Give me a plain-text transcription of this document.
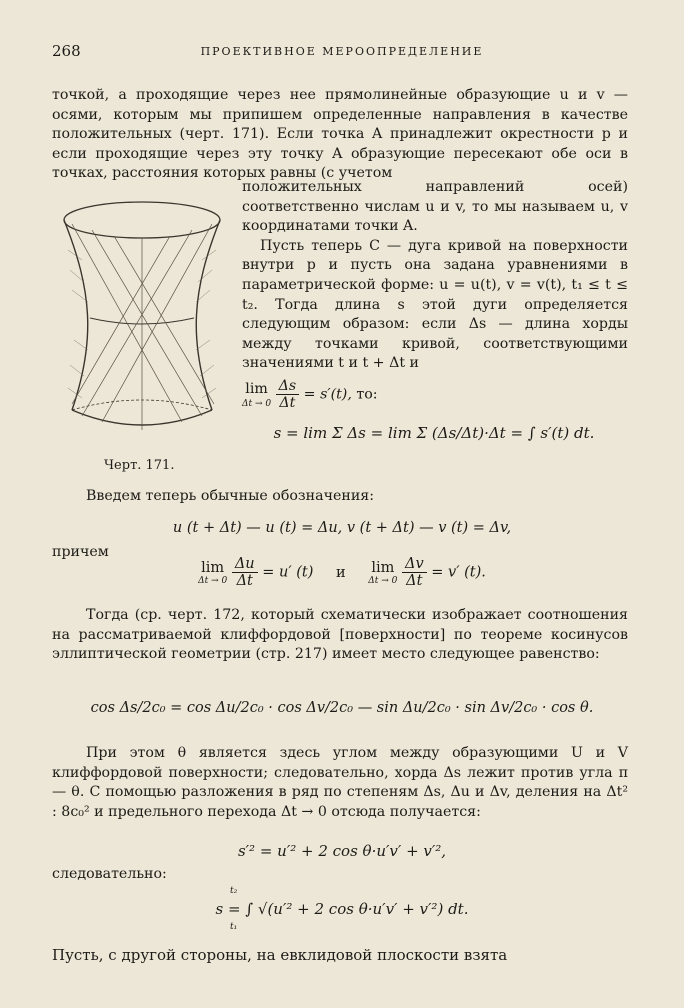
268	ПРОЕКТИВНОЕ МЕРООПРЕДЕЛЕНИЕ
точкой, а проходящие через нее прямолинейные образующие u и v — осями, которым мы припишем определенные направления в качестве положительных (черт. 171). Если точка A принадлежит окрестности p и если проходящие через эту точку A образующие пересекают обе оси в точках, расстояния которых равны (с учетом
Черт. 171.
положительных направлений осей) соответственно числам u и v, то мы называем u, v координатами точки A.
Пусть теперь C — дуга кривой на поверхности внутри p и пусть она задана уравнениями в параметрической форме: u = u(t), v = v(t), t₁ ≤ t ≤ t₂. Тогда длина s этой дуги определяется следующим образом: если Δs — длина хорды между точками кривой, соответствующими значениями t и t + Δt и
lim
Δt → 0
$\frac{\Delta s}{\Delta t} = s'(t)$, то:
s = lim Σ Δs = lim Σ (Δs/Δt)·Δt = ∫ s′(t) dt.
Введем теперь обычные обозначения:
u (t + Δt) — u (t) = Δu, v (t + Δt) — v (t) = Δv,
причем
lim
Δt → 0
$\frac{\Delta u}{\Delta t} = u'$ (t) и lim
Δt → 0
$\frac{\Delta v}{\Delta t} = v'$ (t).
Тогда (ср. черт. 172, который схематически изображает соотношения на рассматриваемой клиффордовой [поверхности] по теореме косинусов эллиптической геометрии (стр. 217) имеет место следующее равенство:
cos Δs/2c₀ = cos Δu/2c₀ · cos Δv/2c₀ — sin Δu/2c₀ · sin Δv/2c₀ · cos θ.
При этом θ является здесь углом между образующими U и V клиффордовой поверхности; следовательно, хорда Δs лежит против угла π — θ. С помощью разложения в ряд по степеням Δs, Δu и Δv, деления на Δt² : 8c₀² и предельного перехода Δt → 0 отсюда получается:
s′² = u′² + 2 cos θ·u′v′ + v′²,
следовательно:
s = ∫ √(u′² + 2 cos θ·u′v′ + v′²) dt.
t₂
t₁
Пусть, с другой стороны, на евклидовой плоскости взята
